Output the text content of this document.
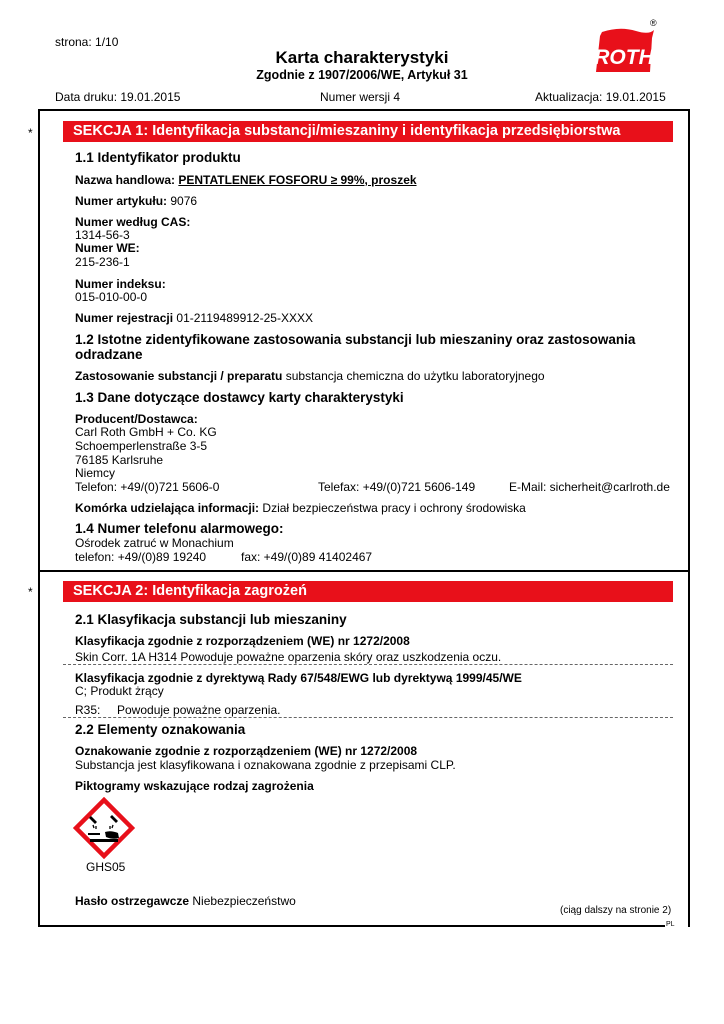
strona: 1/10
Karta charakterystyki
Zgodnie z 1907/2006/WE, Artykuł 31
ROTH
®
Data druku: 19.01.2015	Numer wersji 4	Aktualizacja: 19.01.2015
*	SEKCJA 1: Identyfikacja substancji/mieszaniny i identyfikacja przedsiębiorstwa
1.1 Identyfikator produktu
Nazwa handlowa: PENTATLENEK FOSFORU ≥ 99%, proszek
Numer artykułu: 9076
Numer według CAS:
1314-56-3
Numer WE:
215-236-1
Numer indeksu:
015-010-00-0
Numer rejestracji 01-2119489912-25-XXXX
1.2 Istotne zidentyfikowane zastosowania substancji lub mieszaniny oraz zastosowania
odradzane
Zastosowanie substancji / preparatu substancja chemiczna do użytku laboratoryjnego
1.3 Dane dotyczące dostawcy karty charakterystyki
Producent/Dostawca:
Carl Roth GmbH + Co. KG
Schoemperlenstraße 3-5
76185 Karlsruhe
Niemcy
Telefon: +49/(0)721 5606-0	Telefax: +49/(0)721 5606-149	E-Mail: sicherheit@carlroth.de
Komórka udzielająca informacji: Dział bezpieczeństwa pracy i ochrony środowiska
1.4 Numer telefonu alarmowego:
Ośrodek zatruć w Monachium
telefon: +49/(0)89 19240	fax: +49/(0)89 41402467
*	SEKCJA 2: Identyfikacja zagrożeń
2.1 Klasyfikacja substancji lub mieszaniny
Klasyfikacja zgodnie z rozporządzeniem (WE) nr 1272/2008
Skin Corr. 1A H314 Powoduje poważne oparzenia skóry oraz uszkodzenia oczu.
Klasyfikacja zgodnie z dyrektywą Rady 67/548/EWG lub dyrektywą 1999/45/WE
C; Produkt żrący
R35: Powoduje poważne oparzenia.
2.2 Elementy oznakowania
Oznakowanie zgodnie z rozporządzeniem (WE) nr 1272/2008
Substancja jest klasyfikowana i oznakowana zgodnie z przepisami CLP.
Piktogramy wskazujące rodzaj zagrożenia
GHS05
Hasło ostrzegawcze Niebezpieczeństwo
(ciąg dalszy na stronie 2)
PL
